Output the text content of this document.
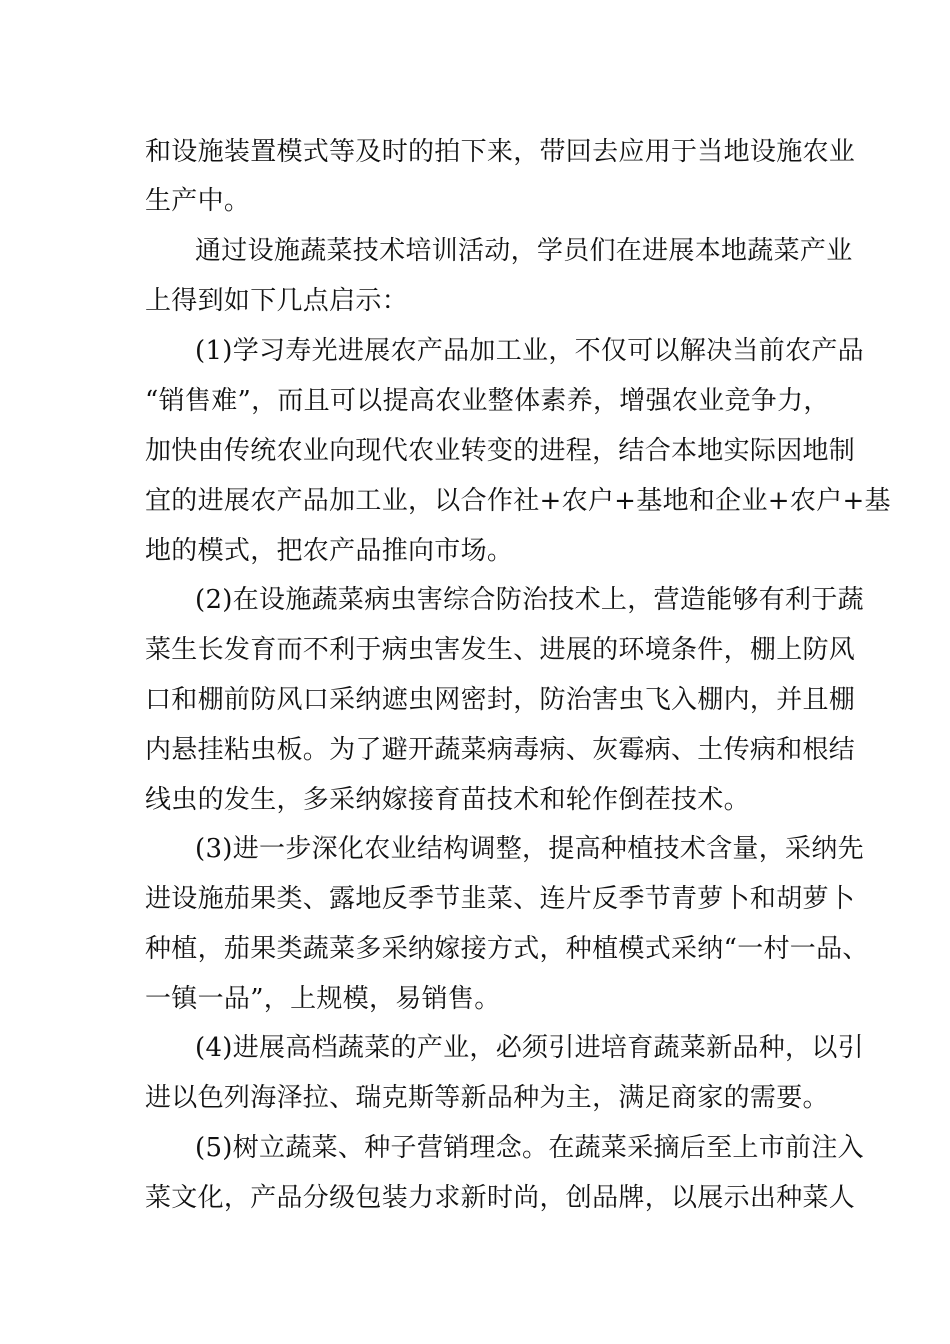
和设施装置模式等及时的拍下来，带回去应用于当地设施农业
生产中。
通过设施蔬菜技术培训活动，学员们在进展本地蔬菜产业
上得到如下几点启示：
(1)学习寿光进展农产品加工业，不仅可以解决当前农产品
“销售难”，而且可以提高农业整体素养，增强农业竞争力，
加快由传统农业向现代农业转变的进程，结合本地实际因地制
宜的进展农产品加工业，以合作社+农户+基地和企业+农户+基
地的模式，把农产品推向市场。
(2)在设施蔬菜病虫害综合防治技术上，营造能够有利于蔬
菜生长发育而不利于病虫害发生、进展的环境条件，棚上防风
口和棚前防风口采纳遮虫网密封，防治害虫飞入棚内，并且棚
内悬挂粘虫板。为了避开蔬菜病毒病、灰霉病、土传病和根结
线虫的发生，多采纳嫁接育苗技术和轮作倒茬技术。
(3)进一步深化农业结构调整，提高种植技术含量，采纳先
进设施茄果类、露地反季节韭菜、连片反季节青萝卜和胡萝卜
种植，茄果类蔬菜多采纳嫁接方式，种植模式采纳“一村一品、
一镇一品”，上规模，易销售。
(4)进展高档蔬菜的产业，必须引进培育蔬菜新品种，以引
进以色列海泽拉、瑞克斯等新品种为主，满足商家的需要。
(5)树立蔬菜、种子营销理念。在蔬菜采摘后至上市前注入
菜文化，产品分级包装力求新时尚，创品牌，以展示出种菜人
